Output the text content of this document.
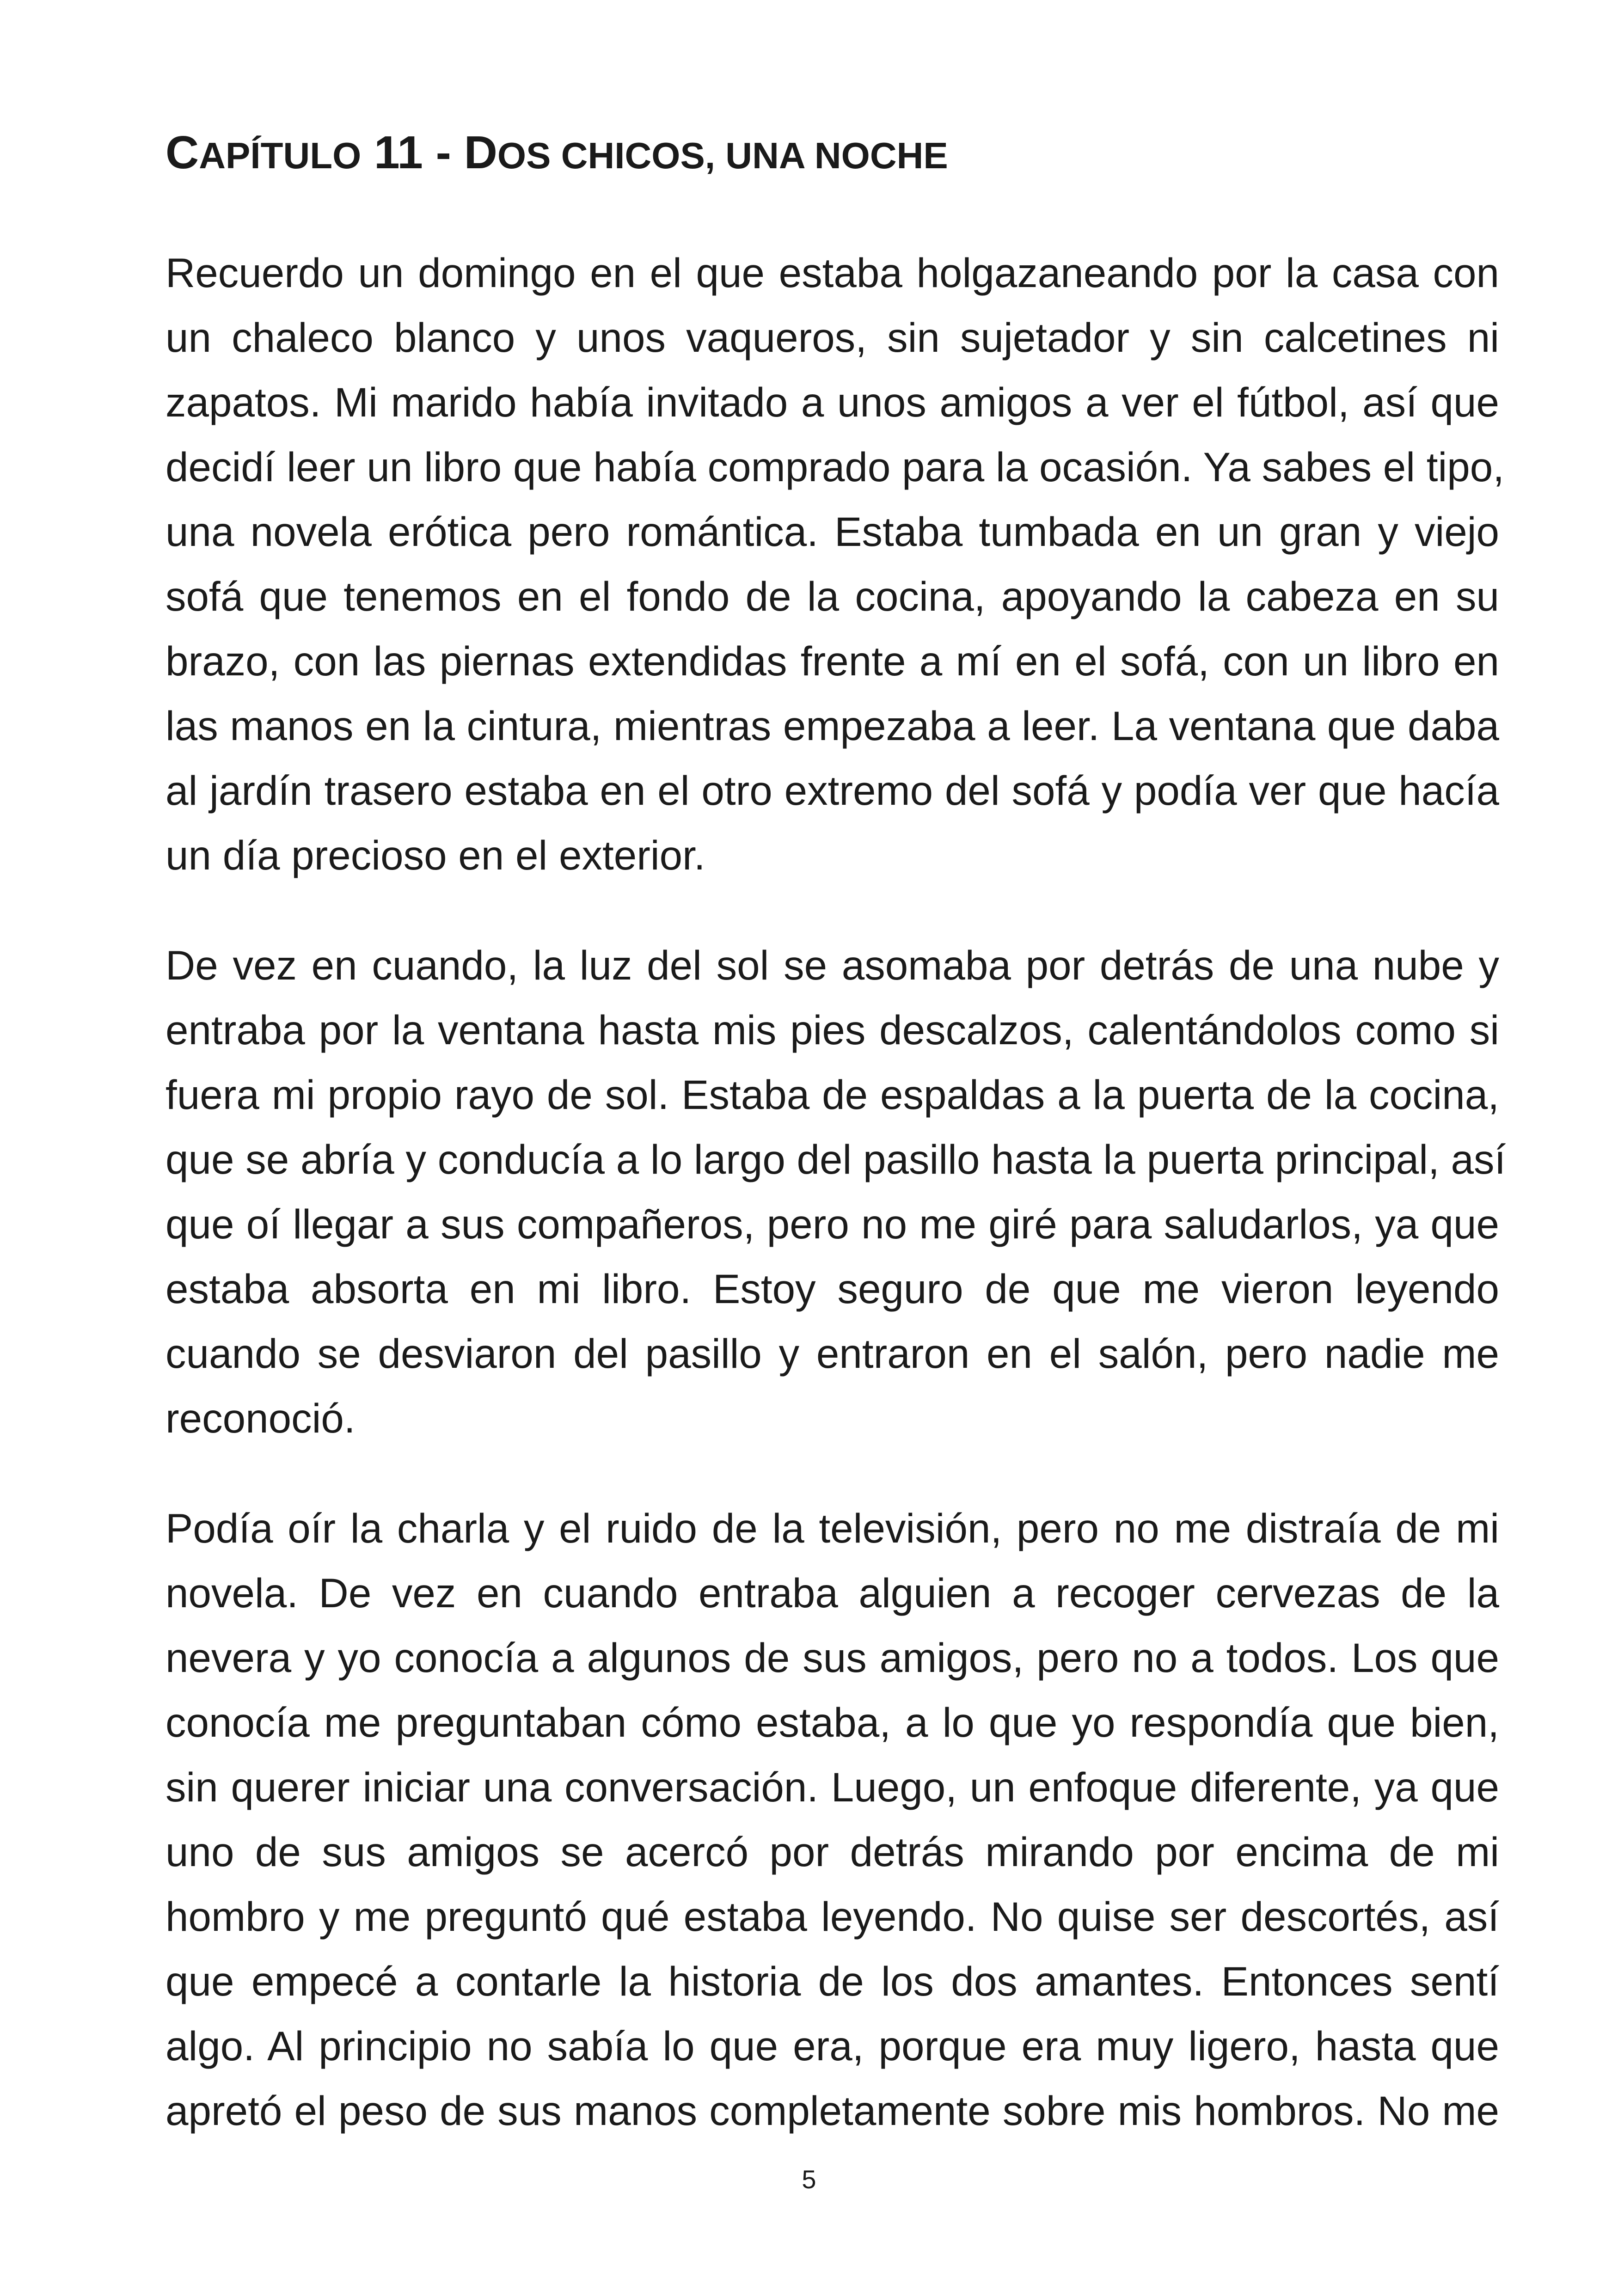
CAPÍTULO 11 - DOS CHICOS, UNA NOCHE

Recuerdo un domingo en el que estaba holgazaneando por la casa con
un chaleco blanco y unos vaqueros, sin sujetador y sin calcetines ni
zapatos. Mi marido había invitado a unos amigos a ver el fútbol, así que
decidí leer un libro que había comprado para la ocasión. Ya sabes el tipo,
una novela erótica pero romántica. Estaba tumbada en un gran y viejo
sofá que tenemos en el fondo de la cocina, apoyando la cabeza en su
brazo, con las piernas extendidas frente a mí en el sofá, con un libro en
las manos en la cintura, mientras empezaba a leer. La ventana que daba
al jardín trasero estaba en el otro extremo del sofá y podía ver que hacía
un día precioso en el exterior.

De vez en cuando, la luz del sol se asomaba por detrás de una nube y
entraba por la ventana hasta mis pies descalzos, calentándolos como si
fuera mi propio rayo de sol. Estaba de espaldas a la puerta de la cocina,
que se abría y conducía a lo largo del pasillo hasta la puerta principal, así
que oí llegar a sus compañeros, pero no me giré para saludarlos, ya que
estaba absorta en mi libro. Estoy seguro de que me vieron leyendo
cuando se desviaron del pasillo y entraron en el salón, pero nadie me
reconoció.

Podía oír la charla y el ruido de la televisión, pero no me distraía de mi
novela. De vez en cuando entraba alguien a recoger cervezas de la
nevera y yo conocía a algunos de sus amigos, pero no a todos. Los que
conocía me preguntaban cómo estaba, a lo que yo respondía que bien,
sin querer iniciar una conversación. Luego, un enfoque diferente, ya que
uno de sus amigos se acercó por detrás mirando por encima de mi
hombro y me preguntó qué estaba leyendo. No quise ser descortés, así
que empecé a contarle la historia de los dos amantes. Entonces sentí
algo. Al principio no sabía lo que era, porque era muy ligero, hasta que
apretó el peso de sus manos completamente sobre mis hombros. No me

5
